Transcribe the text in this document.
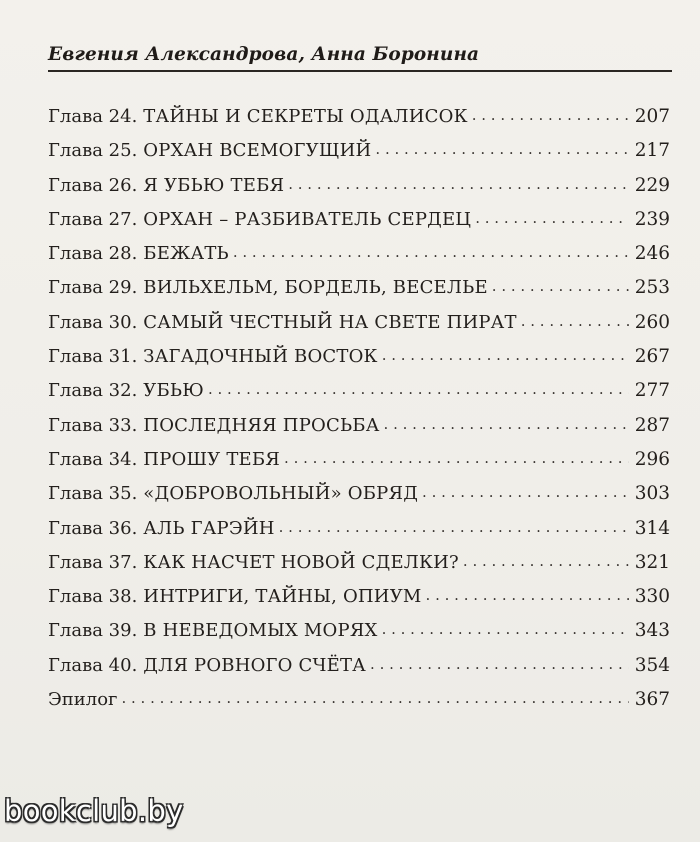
Евгения Александрова, Анна Боронина
Глава 24. ТАЙНЫ И СЕКРЕТЫ ОДАЛИСОК . . .	207
Глава 25. ОРХАН ВСЕМОГУЩИЙ . . .	217
Глава 26. Я УБЬЮ ТЕБЯ . . .	229
Глава 27. ОРХАН – РАЗБИВАТЕЛЬ СЕРДЕЦ . . .	239
Глава 28. БЕЖАТЬ . . .	246
Глава 29. ВИЛЬХЕЛЬМ, БОРДЕЛЬ, ВЕСЕЛЬЕ . . .	253
Глава 30. САМЫЙ ЧЕСТНЫЙ НА СВЕТЕ ПИРАТ . . .	260
Глава 31. ЗАГАДОЧНЫЙ ВОСТОК . . .	267
Глава 32. УБЬЮ . . .	277
Глава 33. ПОСЛЕДНЯЯ ПРОСЬБА . . .	287
Глава 34. ПРОШУ ТЕБЯ . . .	296
Глава 35. «ДОБРОВОЛЬНЫЙ» ОБРЯД . . .	303
Глава 36. АЛЬ ГАРЭЙН . . .	314
Глава 37. КАК НАСЧЕТ НОВОЙ СДЕЛКИ? . . .	321
Глава 38. ИНТРИГИ, ТАЙНЫ, ОПИУМ . . .	330
Глава 39. В НЕВЕДОМЫХ МОРЯХ . . .	343
Глава 40. ДЛЯ РОВНОГО СЧЁТА . . .	354
Эпилог . . .	367
bookclub.by
